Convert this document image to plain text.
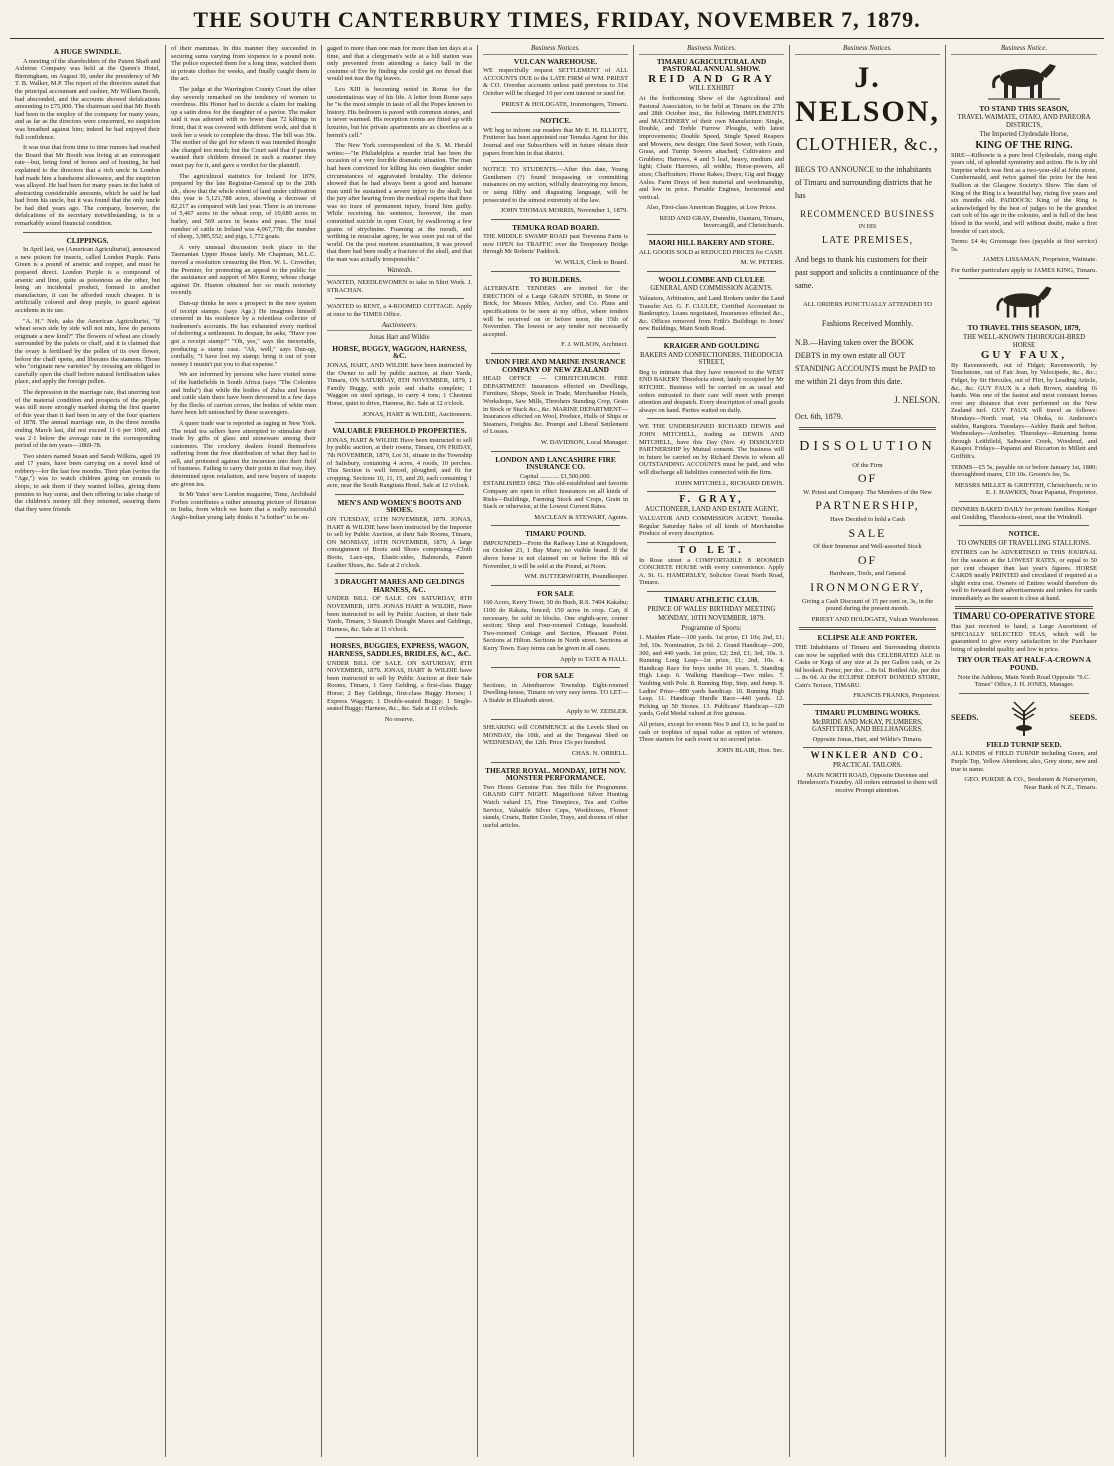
THE SOUTH CANTERBURY TIMES, FRIDAY, NOVEMBER 7, 1879.
A HUGE SWINDLE.

A meeting of the shareholders of the Patent Shaft and Axletree Company was held at the Queen's Hotel, Birmingham, on August 30, under the presidency of Mr T. B. Walker, M.P. The report of the directors stated that the principal accountant and cashier, Mr William Booth, had absconded, and the accounts showed defalcations amounting to £75,000. The chairman said that Mr Booth had been in the employ of the company for many years, and as far as the directors were concerned, no suspicion was breathed against him; indeed he had enjoyed their full confidence.

It was true that from time to time rumors had reached the Board that Mr Booth was living at an extravagant rate—but, being fond of horses and of hunting, he had explained to the directors that a rich uncle in London had made him a handsome allowance, and the suspicion was allayed. He had been for many years in the habit of abstracting considerable amounts, which he said he had had from his uncle, but it was found that the only uncle he had died years ago. The company, however, the defalcations of its secretary notwithstanding, is in a remarkably sound financial condition.

CLIPPINGS.

In April last, we (American Agriculturist), announced a new poison for insects, called London Purple. Paris Green is a pound of arsenic and copper, and must be prepared direct. London Purple is a compound of arsenic and lime, quite as poisonous as the other, but being an incidental product, formed in another manufacture, it can be afforded much cheaper. It is artificially colored and deep purple, to guard against accidents in its use.

"A. H." Neb, asks the American Agriculturist, "If wheat sown side by side will not mix, how do persons originate a new kind?" The flowers of wheat are closely surrounded by the palets or chaff, and it is claimed that the ovary is fertilised by the pollen of its own flower, before the chaff opens, and liberates the stamens. Those who "originate new varieties" by crossing are obliged to carefully open the chaff before natural fertilisation takes place, and apply the foreign pollen.

The depression in the marriage rate, that unerring test of the material condition and prospects of the people, was still more strongly marked during the first quarter of this year than it had been in any of the four quarters of 1878. The annual marriage rate, in the three months ending March last, did not exceed 11·6 per 1000, and was 2·1 below the average rate in the corresponding period of the ten years—1869-78.

Two sisters named Susan and Sarah Wilkins, aged 19 and 17 years, have been carrying on a novel kind of robbery—for the last few months. Their plan (writes the "Age,") was to watch children going on errands to shops, to ask them if they wanted lollies, giving them pennies to buy some, and then offering to take charge of the children's money till they returned, assuring them that they were friends

of their mammas. In this manner they succeeded in securing sums varying from sixpence to a pound note. The police expected them for a long time, watched them in private clothes for weeks, and finally caught them in the act.

The judge at the Warrington County Court the other day severely remarked on the tendency of women to overdress. His Honor had to decide a claim for making up a satin dress for the daughter of a pavior. The maker said it was adorned with no fewer than 72 kiltings in front, that it was covered with different work, and that it took her a week to complete the dress. The bill was 39s. The mother of the girl for whom it was intended thought she charged too much; but the Court said that if parents wanted their children dressed in such a manner they must pay for it, and gave a verdict for the plaintiff.

The agricultural statistics for Ireland for 1879, prepared by the late Registrar-General up to the 20th ult., show that the whole extent of land under cultivation this year is 5,121,788 acres, showing a decrease of 82,217 as compared with last year. There is an increase of 5,467 acres in the wheat crop, of 10,689 acres in barley, and 569 acres in beans and peas. The total number of cattle in Ireland was 4,067,778; the number of sheep, 3,985,552; and pigs, 1,772 goats.

A very unusual discussion took place in the Tasmanian Upper House lately. Mr Chapman, M.L.C. moved a resolution censuring the Hon. W. L. Crowther, the Premier, for promoting an appeal to the public for the assistance and support of Mrs Kenny, whose charge against Dr. Huston obtained her so much notoriety recently.

Dun-up thinks he sees a prospect in the new system of receipt stamps. (says Age.) He imagines himself cornered in his residence by a relentless collector of tradesmen's accounts. He has exhausted every method of deferring a settlement. In despair, he asks, "Have you got a receipt stamp?" "Oh, yes," says the inexorable, producing a stamp case. "Ah, well," says Dun-up, cordially, "I have lost my stamp; bring it out of your money I mustn't put you to that expense."

We are informed by persons who have visited some of the battlefields in South Africa (says "The Colonies and India") that while the bodies of Zulus and horses and cattle slain there have been devoured in a few days by the flocks of carrion crows, the bodies of white men have been left untouched by these scavengers.

A queer trade war is reported as raging in New York. The retail tea sellers have attempted to stimulate their trade by gifts of glass and stoneware among their customers. The crockery dealers found themselves suffering from the free distribution of what they had to sell, and protested against the incursion into their field of business. Failing to carry their point in that way, they determined upon retaliation, and now buyers of teapots are given tea.

In Mr Yates' new London magazine, Time, Archibald Forbes contributes a rather amusing picture of flirtation in India, from which we learn that a really successful Anglo-Indian young lady thinks it "a bother" to be en-

gaged to more than one man for more than ten days at a time, and that a clergyman's wife at a hill station was only prevented from attending a fancy ball in the costume of Eve by finding she could get no thread that would not tear the fig leaves.

Leo XIII is becoming noted in Rome for the unostentatious way of his life. A letter from Rome says he "is the most simple in taste of all the Popes known to history. His bedroom is paved with common stones, and is never warmed. His reception rooms are fitted up with luxuries, but his private apartments are as cheerless as a hermit's cell."

The New York correspondent of the S. M. Herald writes:—"In Philadelphia a murder trial has been the occasion of a very forcible dramatic situation. The man had been convicted for killing his own daughter under circumstances of aggravated brutality. The defence showed that he had always been a good and humane man until he sustained a severe injury to the skull; but the jury after hearing from the medical experts that there was no trace of permanent injury, found him guilty. While receiving his sentence, however, the man committed suicide in open Court, by swallowing a few grains of strychnine. Foaming at the mouth, and writhing in muscular agony, he was soon put out of the world. On the post mortem examination, it was proved that there had been really a fracture of the skull, and that the man was actually irresponsible."

Wanteds.

WANTED, NEEDLEWOMEN to take in Shirt Work. J. STRACHAN.

WANTED to RENT, a 4-ROOMED COTTAGE. Apply at once to the TIMES Office.

Auctioneers.
Jonas Hart and Wildie
HORSE, BUGGY, WAGGON, HARNESS, &C.

JONAS, HART, AND WILDIE have been instructed by the Owner to sell by public auction, at their Yards, Timaru, ON SATURDAY, 8TH NOVEMBER, 1879, 1 Family Buggy, with pole and shafts complete; 1 Waggon on steel springs, to carry 4 tons; 1 Chestnut Horse, quiet to drive, Harness, &c. Sale at 12 o'clock.

JONAS, HART & WILDIE, Auctioneers.
VALUABLE FREEHOLD PROPERTIES.

JONAS, HART & WILDIE Have been instructed to sell by public auction, at their rooms, Timaru, ON FRIDAY, 7th NOVEMBER, 1879, Lot 31, situate in the Township of Salisbury, containing 4 acres, 4 roods, 10 perches. This Section is well fenced, ploughed, and fit for cropping. Sections 10, 11, 15, and 20, each containing 1 acre, near the South Rangitata Hotel. Sale at 12 o'clock.

MEN'S AND WOMEN'S BOOTS AND SHOES.

ON TUESDAY, 11TH NOVEMBER, 1879. JONAS, HART & WILDIE have been instructed by the Importer to sell by Public Auction, at their Sale Rooms, Timaru, ON MONDAY, 10TH NOVEMBER, 1879, A large consignment of Boots and Shoes comprising—Cloth Boots, Lace-ups, Elastic-sides, Balmorals, Patent Leather Shoes, &c. Sale at 2 o'clock.

3 DRAUGHT MARES AND GELDINGS HARNESS, &C.

UNDER BILL OF SALE. ON SATURDAY, 8TH NOVEMBER, 1879. JONAS HART & WILDIE, Have been instructed to sell by Public Auction, at their Sale Yards, Timaru, 3 Staunch Draught Mares and Geldings, Harness, &c. Sale at 11 o'clock.

HORSES, BUGGIES, EXPRESS, WAGON, HARNESS, SADDLES, BRIDLES, &C., &C.

UNDER BILL OF SALE. ON SATURDAY, 8TH NOVEMBER, 1879. JONAS, HART & WILDIE have been instructed to sell by Public Auction at their Sale Rooms, Timaru, 1 Grey Gelding, a first-class Buggy Horse; 2 Bay Geldings, first-class Buggy Horses; 1 Express Waggon; 1 Double-seated Buggy; 1 Single-seated Buggy; Harness, &c., &c. Sale at 11 o'clock.

No reserve.
Business Notices.
VULCAN WAREHOUSE.

WE respectfully request SETTLEMENT of ALL ACCOUNTS DUE to the LATE FIRM of WM. PRIEST & CO. Overdue accounts unless paid previous to 31st October will be charged 10 per cent interest or sued for.

PRIEST & HOLDGATE, Ironmongers, Timaru.
NOTICE.

WE beg to inform our readers that Mr E. H. ELLIOTT, Fruiterer has been appointed our Temuka Agent for this Journal and our Subscribers will in future obtain their papers from him in that district.

NOTICE TO STUDENTS.—After this date, Young Gentlemen (?) found trespassing or committing nuisances on my section, wilfully destroying my fences, or using filthy and disgusting language, will be prosecuted to the utmost extremity of the law.

JOHN THOMAS MORRIS, November 1, 1879.
TEMUKA ROAD BOARD.

THE MIDDLE SWAMP ROAD past Trevenna Farm is now OPEN for TRAFFIC over the Temporary Bridge through Mr Roberts' Paddock.

W. WILLS, Clerk to Board.
TO BUILDERS.

ALTERNATE TENDERS are invited for the ERECTION of a Large GRAIN STORE, in Stone or Brick, for Messrs Miles, Archer, and Co. Plans and specifications to be seen at my office, where tenders will be received on or before noon, the 15th of November. The lowest or any tender not necessarily accepted.

F. J. WILSON, Architect.
UNION FIRE AND MARINE INSURANCE COMPANY OF NEW ZEALAND

HEAD OFFICE — CHRISTCHURCH. FIRE DEPARTMENT: Insurances effected on Dwellings, Furniture, Shops, Stock in Trade, Merchandise Hotels, Workshops, Saw Mills, Threshers Standing Crop, Grain in Stock or Stack &c., &c. MARINE DEPARTMENT—Insurances effected on Wool, Produce, Hulls of Ships or Steamers, Freights &c. Prompt and Liberal Settlement of Losses.

W. DAVIDSON, Local Manager.
LONDON AND LANCASHIRE FIRE INSURANCE CO.
Capital ............ £1,500,000.

ESTABLISHED 1862. This old-established and favorite Company are open to effect Insurances on all kinds of Risks—Buildings, Farming Stock and Crops, Grain in Stack or otherwise, at the Lowest Current Rates.

MACLEAN & STEWART, Agents.
TIMARU POUND.

IMPOUNDED—From the Railway Line at Kingsdown, on October 23, 1 Bay Mare; no visible brand. If the above horse is not claimed on or before the 8th of November, it will be sold at the Pound, at Noon.

WM. BUTTERWORTH, Poundkeeper.
FOR SALE

160 Acres, Kerry Town; 30 do Bush, R.S. 7404 Kakahu; 1100 do Rakaia, fenced; 150 acres in crop. Can, if necessary, be sold in blocks. One eighth-acre, corner section; Shop and Four-roomed Cottage, leasehold. Two-roomed Cottage and Section, Pleasant Point. Sections at Hilton. Sections in North street. Sections at Kerry Town. Easy terms can be given in all cases.

Apply to TATE & HALL.
FOR SALE

Sections, in Attenburrow Township. Eight-roomed Dwelling-house, Timaru on very easy terms. TO LET—A Stable in Elizabeth street.

Apply to W. ZEISLER.

SHEARING will COMMENCE at the Levels Shed on MONDAY, the 10th, and at the Tengawai Shed on WEDNESDAY, the 12th. Price 15s per hundred.

CHAS. N. ORBELL.
THEATRE ROYAL. MONDAY, 10TH NOV. MONSTER PERFORMANCE.

Two Hours Genuine Fun. See Bills for Programme. GRAND GIFT NIGHT. Magnificent Silver Hunting Watch valued £5, Fine Timepiece, Tea and Coffee Service, Valuable Silver Cups, Workboxes, Flower stands, Cruets, Butter Cooler, Trays, and dozens of other useful articles.

Business Notices.
TIMARU AGRICULTURAL AND PASTORAL ANNUAL SHOW.
REID AND GRAY
WILL EXHIBIT

At the forthcoming Show of the Agricultural and Pastoral Association, to be held at Timaru on the 27th and 28th October inst., the following IMPLEMENTS and MACHINERY of their own Manufacture: Single, Double, and Treble Furrow Ploughs, with latest improvements; Double Speed, Single Speed Reapers and Mowers, new design; One Seed Sower, with Grain, Grass, and Turnip Sowers attached; Cultivators and Grubbers; Harrows, 4 and 5 leaf, heavy, medium and light; Chain Harrows, all widths; Horse-powers, all sizes; Chaffcutters; Horse Rakes; Drays; Gig and Buggy Axles. Farm Drays of best material and workmanship, and low in price. Portable Engines, horizontal and vertical.

Also, First-class American Buggies, at Low Prices.

REID AND GRAY, Dunedin, Oamaru, Timaru, Invercargill, and Christchurch.
MAORI HILL BAKERY AND STORE.

ALL GOODS SOLD at REDUCED PRICES for CASH.

M. W. PETERS.
WOOLLCOMBE AND CLULEE
GENERAL AND COMMISSION AGENTS.

Valuators, Arbitrators, and Land Brokers under the Land Transfer Act. G. F. CLULEE, Certified Accountant in Bankruptcy. Loans negotiated, Insurances effected &c., &c. Offices removed from Frith's Buildings to Jones' new Buildings, Main South Road.

KRAIGER AND GOULDING
BAKERS AND CONFECTIONERS, THEODOCIA STREET,

Beg to intimate that they have removed to the WEST END BAKERY Theodocia street, lately occupied by Mr RITCHIE. Business will be carried on as usual and orders entrusted to their care will meet with prompt attention and despatch. Every description of small goods always on hand. Parties waited on daily.

WE THE UNDERSIGNED RICHARD DEWIS and JOHN MITCHELL, trading as DEWIS AND MITCHELL, have this Day (Nov. 4) DISSOLVED PARTNERSHIP by Mutual consent. The business will in future be carried on by Richard Dewis to whom all OUTSTANDING ACCOUNTS must be paid, and who will discharge all liabilities connected with the firm.

JOHN MITCHELL, RICHARD DEWIS.
F. GRAY,
AUCTIONEER, LAND AND ESTATE AGENT,

VALUATOR AND COMMISSION AGENT, Temuka. Regular Saturday Sales of all kinds of Merchandise Produce of every description.

TO LET.

In Rose street a COMFORTABLE 8 ROOMED CONCRETE HOUSE with every convenience. Apply A. St. G. HAMERSLEY, Solicitor Great North Road, Timaru.

TIMARU ATHLETIC CLUB.
PRINCE OF WALES' BIRTHDAY MEETING
MONDAY, 10TH NOVEMBER, 1879.
Programme of Sports:

1. Maiden Plate—100 yards. 1st prize, £1 10s; 2nd, £1; 3rd, 10s. Nomination, 2s 6d. 2. Grand Handicap—200, 300, and 440 yards. 1st prize, £2; 2nd, £1; 3rd, 10s. 3. Running Long Leap—1st prize, £1; 2nd, 10s. 4. Handicap Race for boys under 16 years. 5. Standing High Leap. 6. Walking Handicap—Two miles. 7. Vaulting with Pole. 8. Running Hop, Step, and Jump. 9. Ladies' Prize—880 yards handicap. 10. Running High Leap. 11. Handicap Hurdle Race—440 yards. 12. Picking up 50 Stones. 13. Publicans' Handicap—120 yards, Gold Medal valued at five guineas.

All prizes, except for events Nos 9 and 13, to be paid in cash or trophies of equal value at option of winners. Three starters for each event or no second prize.

JOHN BLAIR, Hon. Sec.
Business Notices.
J. NELSON,
CLOTHIER, &c.,

BEGS TO ANNOUNCE to the inhabitants of Timaru and surrounding districts that he has

RECOMMENCED BUSINESS
IN HIS
LATE PREMISES,

And begs to thank his customers for their past support and solicits a continuance of the same.

ALL ORDERS PUNCTUALLY ATTENDED TO
Fashions Received Monthly.

N.B.—Having taken over the BOOK DEBTS in my own estate all OUT STANDING ACCOUNTS must be PAID to me within 21 days from this date.

J. NELSON.
Oct. 6th, 1879.
DISSOLUTION
Of the Firm
OF
W. Priest and Company. The Members of the New
PARTNERSHIP,
Have Decided to hold a Cash
SALE
Of their Immense and Well-assorted Stock
OF
Hardware, Tools, and General
IRONMONGERY,

Giving a Cash Discount of 15 per cent or, 3s, in the pound during the present month.

PRIEST AND HOLDGATE, Vulcan Warehouse.
ECLIPSE ALE AND PORTER.

THE Inhabitants of Timaru and Surrounding districts can now be supplied with this CELEBRATED ALE in Casks or Kegs of any size at 2s per Gallon cash, or 2s 6d booked. Porter, per doz ... 8s 6d. Bottled Ale, per doz ... 8s 0d. At the ECLIPSE DEPOT BONDED STORE, Cain's Terrace, TIMARU.

FRANCIS FRANKS, Proprietor.
TIMARU PLUMBING WORKS.
McBRIDE AND McKAY, PLUMBERS, GASFITTERS, AND BELLHANGERS.

Opposite Jonas, Hart, and Wildie's Timaru.

WINKLER AND CO.
PRACTICAL TAILORS.

MAIN NORTH ROAD, Opposite Duvenee and Henderson's Foundry. All orders entrusted to them will receive Prompt attention.

Business Notice.
TO STAND THIS SEASON,
TRAVEL WAIMATE, OTAIO, AND PAREORA DISTRICTS,
The Imported Clydesdale Horse,
KING OF THE RING.

SIRE—Kilbowie is a pure bred Clydesdale, rising eight years old, of splendid symmetry and action. He is by old Surprise which was first as a two-year-old at John stone, Cumbernauld, and twice gained the prize for the best Stallion at the Glasgow Society's Show. The dam of King of the Ring is a beautiful bay, rising five years and six months old. PADDOCK: King of the Ring is acknowledged by the best of judges to be the grandest cart colt of his age in the colonies, and is full of the best blood in the world, and will without doubt, make a first breeder of cart stock.

Terms: £4 4s; Groomage fees (payable at first service) 5s.

JAMES LISSAMAN, Proprietor, Waimate.
For further particulars apply to JAMES KING, Timaru.
TO TRAVEL THIS SEASON, 1879,
THE WELL-KNOWN THOROUGH-BRED HORSE
GUY FAUX,

By Ravensworth, out of Fidget; Ravensworth, by Touchstone, out of Fair Jean, by Velocipede, &c., &c.; Fidget, by Sir Hercules, out of Flirt, by Leading Article, &c., &c. GUY FAUX is a dark Brown, standing 16 hands. Was one of the fastest and most constant horses over any distance that ever performed on the New Zealand turf. GUY FAUX will travel as follows: Mondays—North road, via Ohoka, to Anderson's stables, Rangiora. Tuesdays—Ashley Bank and Sefton. Wednesdays—Amberley. Thursdays—Returning home through Leithfield, Saltwater Creek, Woodend, and Kaiapoi. Fridays—Papanui and Riccarton to Millett and Griffith's.

TERMS—£5 5s, payable on or before January 1st, 1880; thoroughbred mares, £10 10s. Groom's fee, 5s.

MESSRS MILLET & GRIFFITH, Christchurch; or to E. J. HAWKES, Near Papanui, Proprietor.

DINNERS BAKED DAILY for private families. Kraiger and Goulding, Theodocia-street, near the Windmill.

NOTICE.
TO OWNERS OF TRAVELLING STALLIONS.

ENTIRES can be ADVERTISED in THIS JOURNAL for the season at the LOWEST RATES, or equal to 50 per cent cheaper than last year's figures. HORSE CARDS neatly PRINTED and circulated if required at a slight extra cost. Owners of Entires would therefore do well to forward their advertisements and orders for cards immediately as the season is close at hand.

TIMARU CO-OPERATIVE STORE

Has just received to hand, a Large Assortment of SPECIALLY SELECTED TEAS, which will be guaranteed to give every satisfaction to the Purchaser being of splendid quality and low in price.

TRY OUR TEAS AT HALF-A-CROWN A POUND.

Note the Address, Main North Road Opposite "S.C. Times" Office, J. H. JONES, Manager.

SEEDS.	SEEDS.
FIELD TURNIP SEED.

ALL KINDS of FIELD TURNIP including Green, and Purple Top, Yellow Aberdeen; also, Grey stone, new and true to name.

GEO. PURDIE & CO., Seedsmen & Nurserymen, Near Bank of N.Z., Timaru.
